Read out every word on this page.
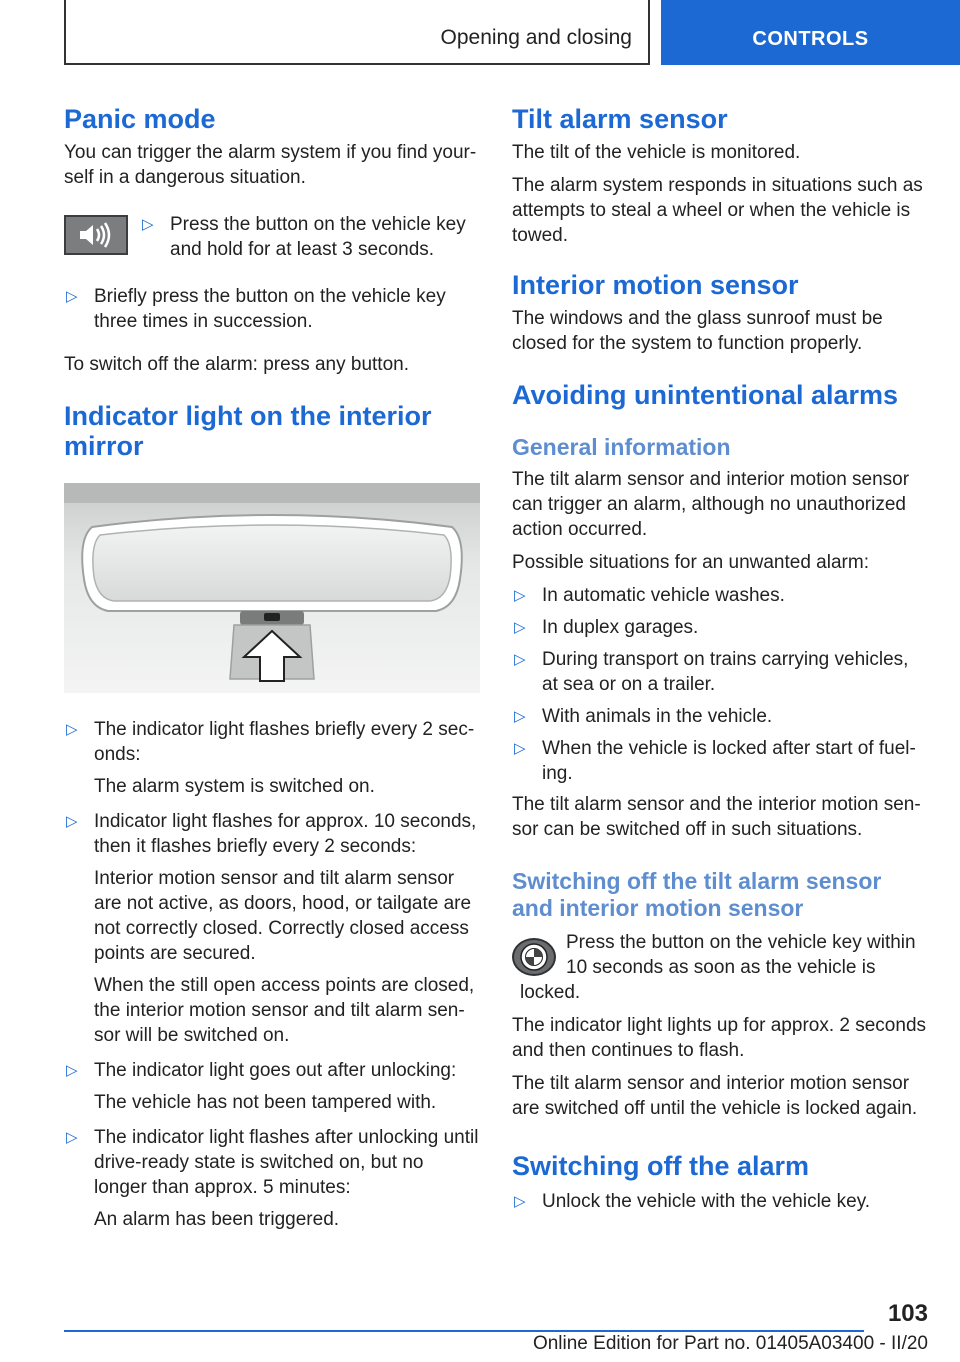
Opening and closing	CONTROLS
Panic mode

You can trigger the alarm system if you find yourself in a dangerous situation.

▷ Press the button on the vehicle key and hold for at least 3 seconds.
▷ Briefly press the button on the vehicle key three times in succession.

To switch off the alarm: press any button.

Indicator light on the interior mirror
▷ The indicator light flashes briefly every 2 seconds:
The alarm system is switched on.
▷ Indicator light flashes for approx. 10 seconds, then it flashes briefly every 2 seconds:
Interior motion sensor and tilt alarm sensor are not active, as doors, hood, or tailgate are not correctly closed. Correctly closed access points are secured.
When the still open access points are closed, the interior motion sensor and tilt alarm sensor will be switched on.
▷ The indicator light goes out after unlocking:
The vehicle has not been tampered with.
▷ The indicator light flashes after unlocking until drive-ready state is switched on, but no longer than approx. 5 minutes:
An alarm has been triggered.
Tilt alarm sensor

The tilt of the vehicle is monitored.

The alarm system responds in situations such as attempts to steal a wheel or when the vehicle is towed.

Interior motion sensor

The windows and the glass sunroof must be closed for the system to function properly.

Avoiding unintentional alarms
General information

The tilt alarm sensor and interior motion sensor can trigger an alarm, although no unauthorized action occurred.

Possible situations for an unwanted alarm:

▷ In automatic vehicle washes.
▷ In duplex garages.
▷ During transport on trains carrying vehicles, at sea or on a trailer.
▷ With animals in the vehicle.
▷ When the vehicle is locked after start of fueling.

The tilt alarm sensor and the interior motion sensor can be switched off in such situations.

Switching off the tilt alarm sensor and interior motion sensor

Press the button on the vehicle key within 10 seconds as soon as the vehicle is locked.

The indicator light lights up for approx. 2 seconds and then continues to flash.

The tilt alarm sensor and interior motion sensor are switched off until the vehicle is locked again.

Switching off the alarm
▷ Unlock the vehicle with the vehicle key.
103
Online Edition for Part no. 01405A03400 - II/20
